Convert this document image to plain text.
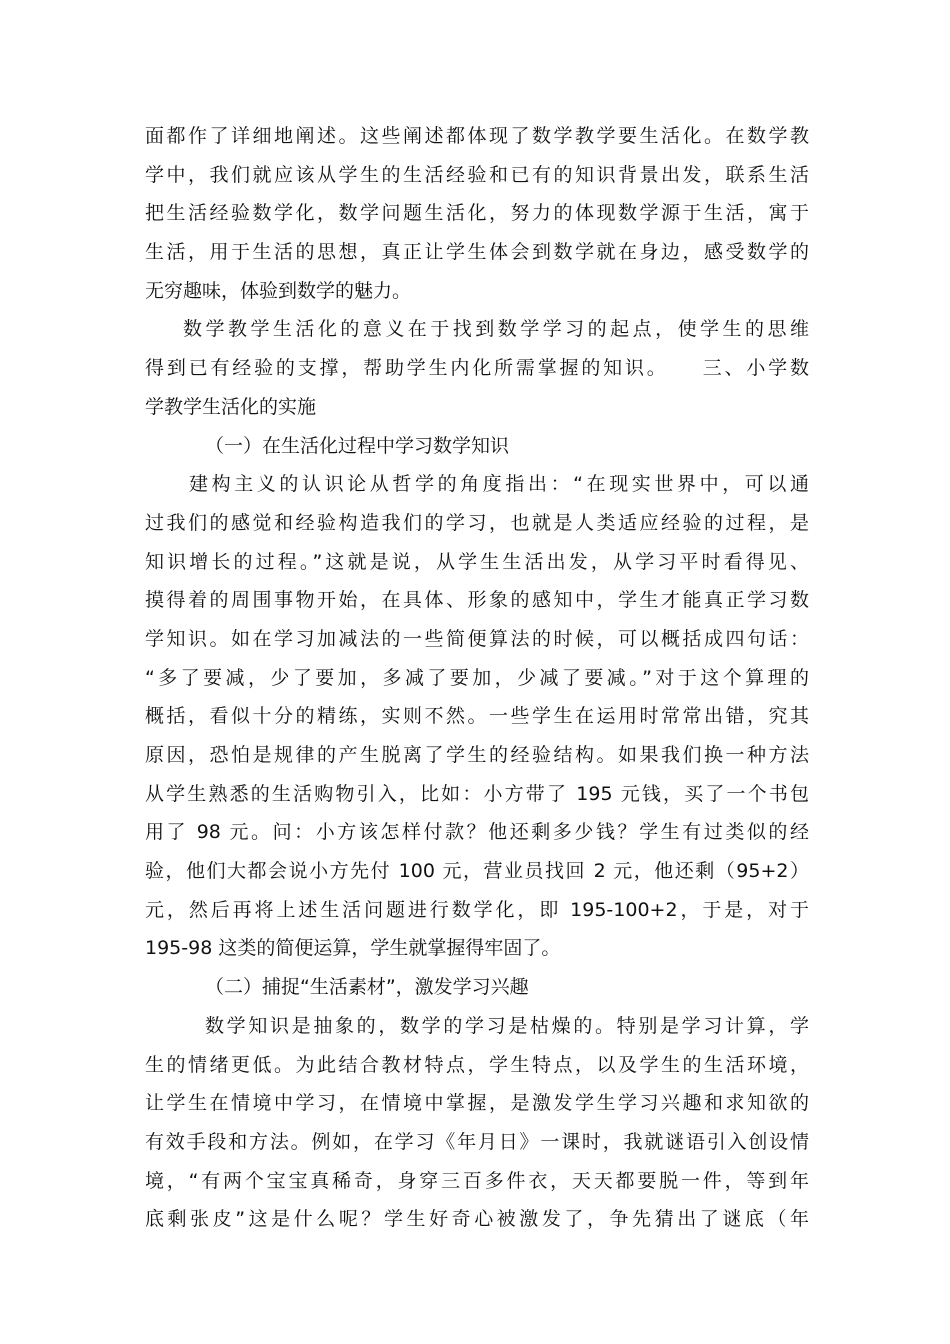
面都作了详细地阐述。这些阐述都体现了数学教学要生活化。在数学教
学中，我们就应该从学生的生活经验和已有的知识背景出发，联系生活
把生活经验数学化，数学问题生活化，努力的体现数学源于生活，寓于
生活，用于生活的思想，真正让学生体会到数学就在身边，感受数学的
无穷趣味，体验到数学的魅力。
数学教学生活化的意义在于找到数学学习的起点，使学生的思维
得到已有经验的支撑，帮助学生内化所需掌握的知识。　　三、小学数
学教学生活化的实施
（一）在生活化过程中学习数学知识
建构主义的认识论从哲学的角度指出：“在现实世界中，可以通
过我们的感觉和经验构造我们的学习，也就是人类适应经验的过程，是
知识增长的过程。”这就是说，从学生生活出发，从学习平时看得见、
摸得着的周围事物开始，在具体、形象的感知中，学生才能真正学习数
学知识。如在学习加减法的一些简便算法的时候，可以概括成四句话：
“多了要减，少了要加，多减了要加，少减了要减。”对于这个算理的
概括，看似十分的精练，实则不然。一些学生在运用时常常出错，究其
原因，恐怕是规律的产生脱离了学生的经验结构。如果我们换一种方法
从学生熟悉的生活购物引入，比如：小方带了 195 元钱，买了一个书包
用了 98 元。问：小方该怎样付款？他还剩多少钱？学生有过类似的经
验，他们大都会说小方先付 100 元，营业员找回 2 元，他还剩（95+2）
元，然后再将上述生活问题进行数学化，即 195-100+2，于是，对于
195-98 这类的简便运算，学生就掌握得牢固了。
（二）捕捉“生活素材”，激发学习兴趣
数学知识是抽象的，数学的学习是枯燥的。特别是学习计算，学
生的情绪更低。为此结合教材特点，学生特点，以及学生的生活环境，
让学生在情境中学习，在情境中掌握，是激发学生学习兴趣和求知欲的
有效手段和方法。例如，在学习《年月日》一课时，我就谜语引入创设情
境，“有两个宝宝真稀奇，身穿三百多件衣，天天都要脱一件，等到年
底剩张皮”这是什么呢？学生好奇心被激发了，争先猜出了谜底（年
